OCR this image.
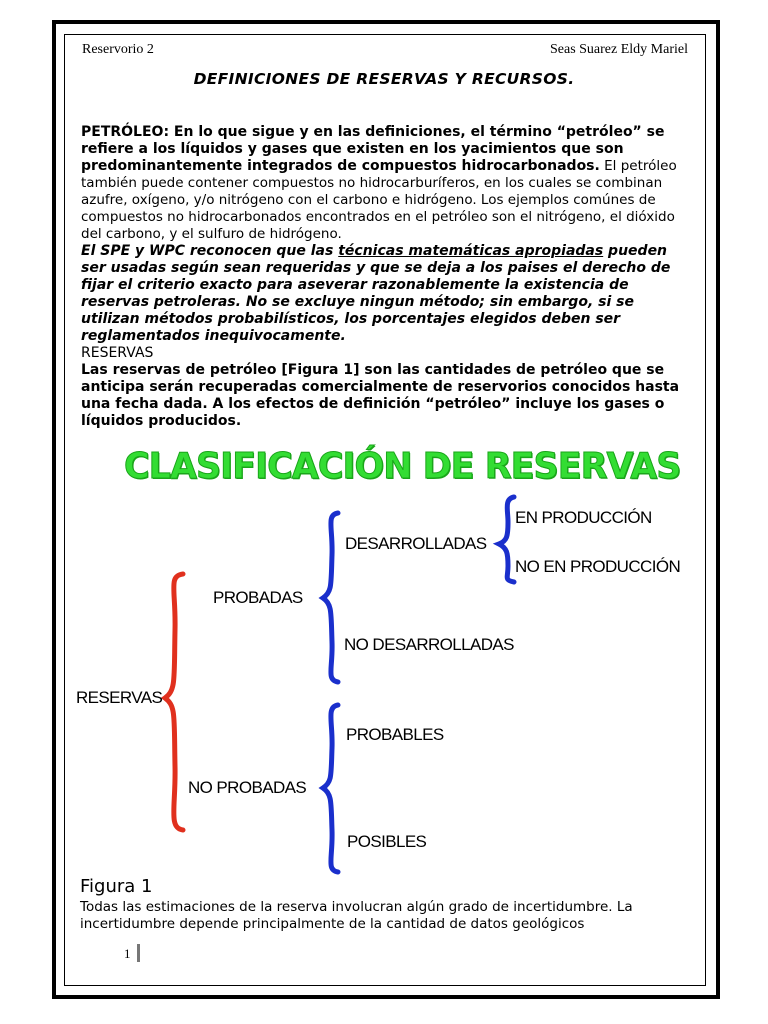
Reservorio 2	Seas Suarez Eldy Mariel
DEFINICIONES DE RESERVAS Y RECURSOS.

PETRÓLEO: En lo que sigue y en las definiciones, el término “petróleo” se refiere a los líquidos y gases que existen en los yacimientos que son predominantemente integrados de compuestos hidrocarbonados. El petróleo también puede contener compuestos no hidrocarburíferos, en los cuales se combinan azufre, oxígeno, y/o nitrógeno con el carbono e hidrógeno. Los ejemplos comúnes de compuestos no hidrocarbonados encontrados en el petróleo son el nitrógeno, el dióxido del carbono, y el sulfuro de hidrógeno.

El SPE y WPC reconocen que las técnicas matemáticas apropiadas pueden ser usadas según sean requeridas y que se deja a los paises el derecho de fijar el criterio exacto para aseverar razonablemente la existencia de reservas petroleras. No se excluye ningun método; sin embargo, si se utilizan métodos probabilísticos, los porcentajes elegidos deben ser reglamentados inequivocamente.

RESERVAS

Las reservas de petróleo [Figura 1] son las cantidades de petróleo que se anticipa serán recuperadas comercialmente de reservorios conocidos hasta una fecha dada. A los efectos de definición “petróleo” incluye los gases o líquidos producidos.

CLASIFICACIÓN DE RESERVAS
RESERVAS
PROBADAS
NO PROBADAS
DESARROLLADAS
NO DESARROLLADAS
EN PRODUCCIÓN
NO EN PRODUCCIÓN
PROBABLES
POSIBLES
Figura 1
Todas las estimaciones de la reserva involucran algún grado de incertidumbre. La incertidumbre depende principalmente de la cantidad de datos geológicos
1
